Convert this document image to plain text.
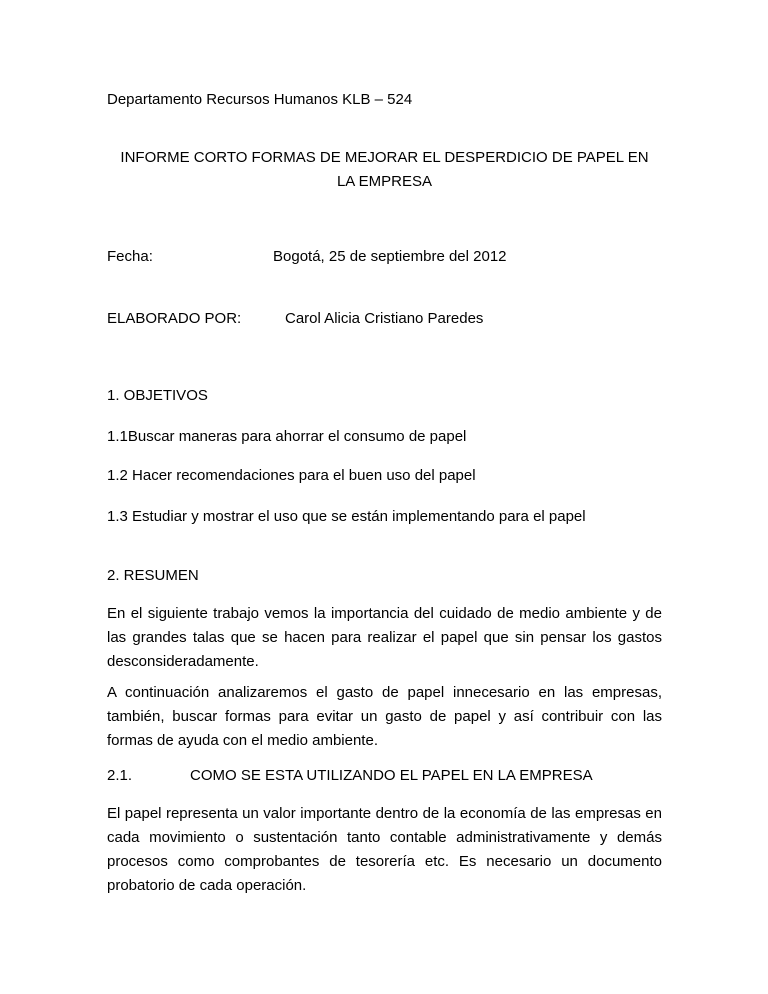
Departamento Recursos Humanos KLB – 524
INFORME CORTO FORMAS DE MEJORAR EL DESPERDICIO DE PAPEL EN
LA EMPRESA
Fecha:	Bogotá, 25 de septiembre del 2012
ELABORADO POR:	Carol Alicia Cristiano Paredes
1. OBJETIVOS
1.1Buscar maneras para ahorrar el consumo de papel
1.2 Hacer recomendaciones para el buen uso del papel
1.3 Estudiar y mostrar el uso que se están implementando para el papel
2. RESUMEN
En el siguiente trabajo vemos la importancia del cuidado de medio ambiente y de las grandes talas que se hacen para realizar el papel que sin pensar los gastos desconsideradamente.
A continuación analizaremos el gasto de papel innecesario en las empresas, también, buscar formas para evitar un gasto de papel y así contribuir con las formas de ayuda con el medio ambiente.
2.1.	COMO SE ESTA UTILIZANDO EL PAPEL EN LA EMPRESA
El papel representa un valor importante dentro de la economía de las empresas en cada movimiento o sustentación tanto contable administrativamente y demás procesos como comprobantes de tesorería etc. Es necesario un documento probatorio de cada operación.
